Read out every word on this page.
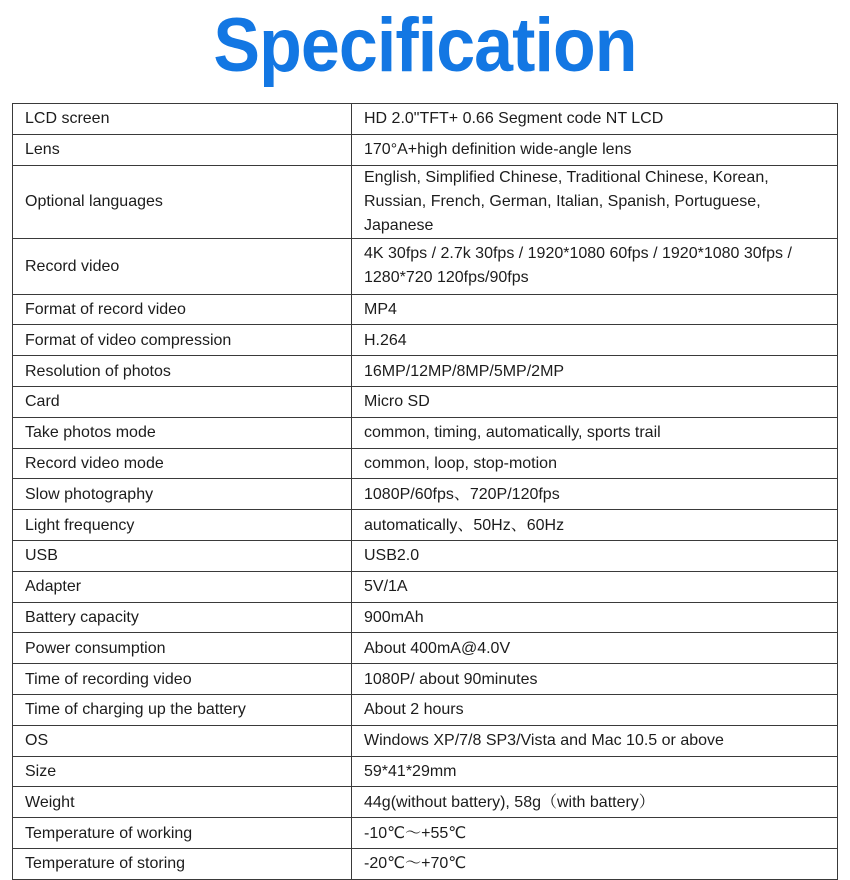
Specification
LCD screen	HD 2.0"TFT+ 0.66 Segment code NT LCD
Lens	170°A+high definition wide-angle lens
Optional languages	English, Simplified Chinese, Traditional Chinese, Korean, Russian, French, German, Italian, Spanish, Portuguese, Japanese
Record video	4K 30fps / 2.7k 30fps / 1920*1080 60fps / 1920*1080 30fps / 1280*720 120fps/90fps
Format of record video	MP4
Format of video compression	H.264
Resolution of photos	16MP/12MP/8MP/5MP/2MP
Card	Micro SD
Take photos mode	common, timing, automatically, sports trail
Record video mode	common, loop, stop-motion
Slow photography	1080P/60fps、720P/120fps
Light frequency	automatically、50Hz、60Hz
USB	USB2.0
Adapter	5V/1A
Battery capacity	900mAh
Power consumption	About 400mA@4.0V
Time of recording video	1080P/ about 90minutes
Time of charging up the battery	About 2 hours
OS	Windows XP/7/8 SP3/Vista and Mac 10.5 or above
Size	59*41*29mm
Weight	44g(without battery), 58g（with battery）
Temperature of working	-10℃～+55℃
Temperature of storing	-20℃～+70℃
